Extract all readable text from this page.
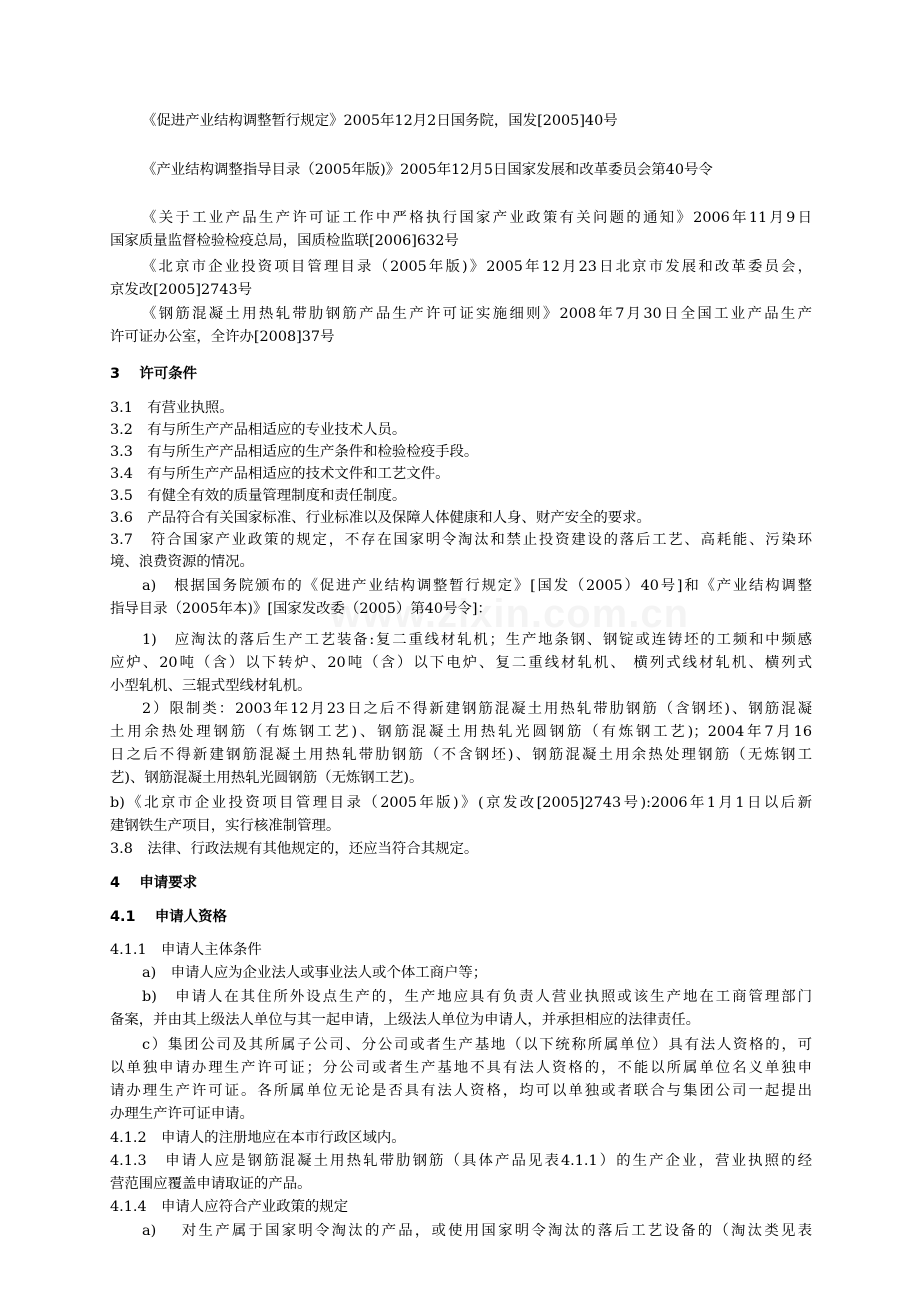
《促进产业结构调整暂行规定》2005年12月2日国务院，国发[2005]40号
《产业结构调整指导目录（2005年版)》2005年12月5日国家发展和改革委员会第40号令
《关于工业产品生产许可证工作中严格执行国家产业政策有关问题的通知》2006年11月9日
国家质量监督检验检疫总局，国质检监联[2006]632号
《北京市企业投资项目管理目录（2005年版)》2005年12月23日北京市发展和改革委员会，
京发改[2005]2743号
《钢筋混凝土用热轧带肋钢筋产品生产许可证实施细则》2008年7月30日全国工业产品生产
许可证办公室，全许办[2008]37号
3　 许可条件
3.1　有营业执照。
3.2　有与所生产产品相适应的专业技术人员。
3.3　有与所生产产品相适应的生产条件和检验检疫手段。
3.4　有与所生产产品相适应的技术文件和工艺文件。
3.5　有健全有效的质量管理制度和责任制度。
3.6　产品符合有关国家标准、行业标准以及保障人体健康和人身、财产安全的要求。
3.7　符合国家产业政策的规定，不存在国家明令淘汰和禁止投资建设的落后工艺、高耗能、污染环
境、浪费资源的情况。
a)　根据国务院颁布的《促进产业结构调整暂行规定》[国发（2005）40号]和《产业结构调整
指导目录（2005年本)》[国家发改委（2005）第40号令]：
1)　应淘汰的落后生产工艺装备:复二重线材轧机；生产地条钢、钢锭或连铸坯的工频和中频感
应炉、20吨（含）以下转炉、20吨（含）以下电炉、复二重线材轧机、 横列式线材轧机、横列式
小型轧机、三辊式型线材轧机。
2）限制类：2003年12月23日之后不得新建钢筋混凝土用热轧带肋钢筋（含钢坯)、钢筋混凝
土用余热处理钢筋（有炼钢工艺)、钢筋混凝土用热轧光圆钢筋（有炼钢工艺)；2004年7月16
日之后不得新建钢筋混凝土用热轧带肋钢筋（不含钢坯)、钢筋混凝土用余热处理钢筋（无炼钢工
艺)、钢筋混凝土用热轧光圆钢筋（无炼钢工艺)。
b)《北京市企业投资项目管理目录（2005年版)》(京发改[2005]2743号):2006年1月1日以后新
建钢铁生产项目，实行核准制管理。
3.8　法律、行政法规有其他规定的，还应当符合其规定。
4　 申请要求
4.1　 申请人资格
4.1.1　申请人主体条件
a)　申请人应为企业法人或事业法人或个体工商户等；
b)　申请人在其住所外设点生产的，生产地应具有负责人营业执照或该生产地在工商管理部门
备案，并由其上级法人单位与其一起申请，上级法人单位为申请人，并承担相应的法律责任。
c）集团公司及其所属子公司、分公司或者生产基地（以下统称所属单位）具有法人资格的，可
以单独申请办理生产许可证；分公司或者生产基地不具有法人资格的，不能以所属单位名义单独申
请办理生产许可证。各所属单位无论是否具有法人资格，均可以单独或者联合与集团公司一起提出
办理生产许可证申请。
4.1.2　申请人的注册地应在本市行政区域内。
4.1.3　申请人应是钢筋混凝土用热轧带肋钢筋（具体产品见表4.1.1）的生产企业，营业执照的经
营范围应覆盖申请取证的产品。
4.1.4　申请人应符合产业政策的规定
a)　 对生产属于国家明令淘汰的产品，或使用国家明令淘汰的落后工艺设备的（淘汰类见表
